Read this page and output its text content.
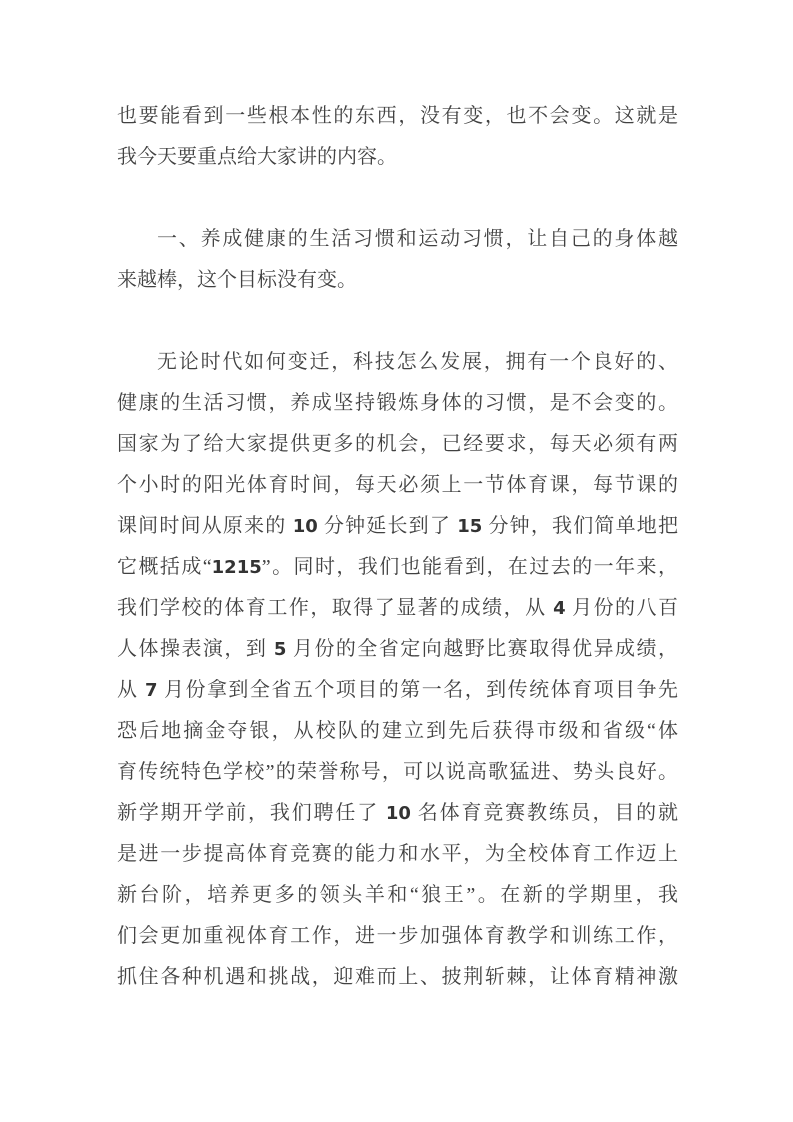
也要能看到一些根本性的东西，没有变，也不会变。这就是
我今天要重点给大家讲的内容。
一、养成健康的生活习惯和运动习惯，让自己的身体越
来越棒，这个目标没有变。
无论时代如何变迁，科技怎么发展，拥有一个良好的、
健康的生活习惯，养成坚持锻炼身体的习惯，是不会变的。
国家为了给大家提供更多的机会，已经要求，每天必须有两
个小时的阳光体育时间，每天必须上一节体育课，每节课的
课间时间从原来的 10 分钟延长到了 15 分钟，我们简单地把
它概括成“1215”。同时，我们也能看到，在过去的一年来，
我们学校的体育工作，取得了显著的成绩，从 4 月份的八百
人体操表演，到 5 月份的全省定向越野比赛取得优异成绩，
从 7 月份拿到全省五个项目的第一名，到传统体育项目争先
恐后地摘金夺银，从校队的建立到先后获得市级和省级“体
育传统特色学校”的荣誉称号，可以说高歌猛进、势头良好。
新学期开学前，我们聘任了 10 名体育竞赛教练员，目的就
是进一步提高体育竞赛的能力和水平，为全校体育工作迈上
新台阶，培养更多的领头羊和“狼王”。在新的学期里，我
们会更加重视体育工作，进一步加强体育教学和训练工作，
抓住各种机遇和挑战，迎难而上、披荆斩棘，让体育精神激
